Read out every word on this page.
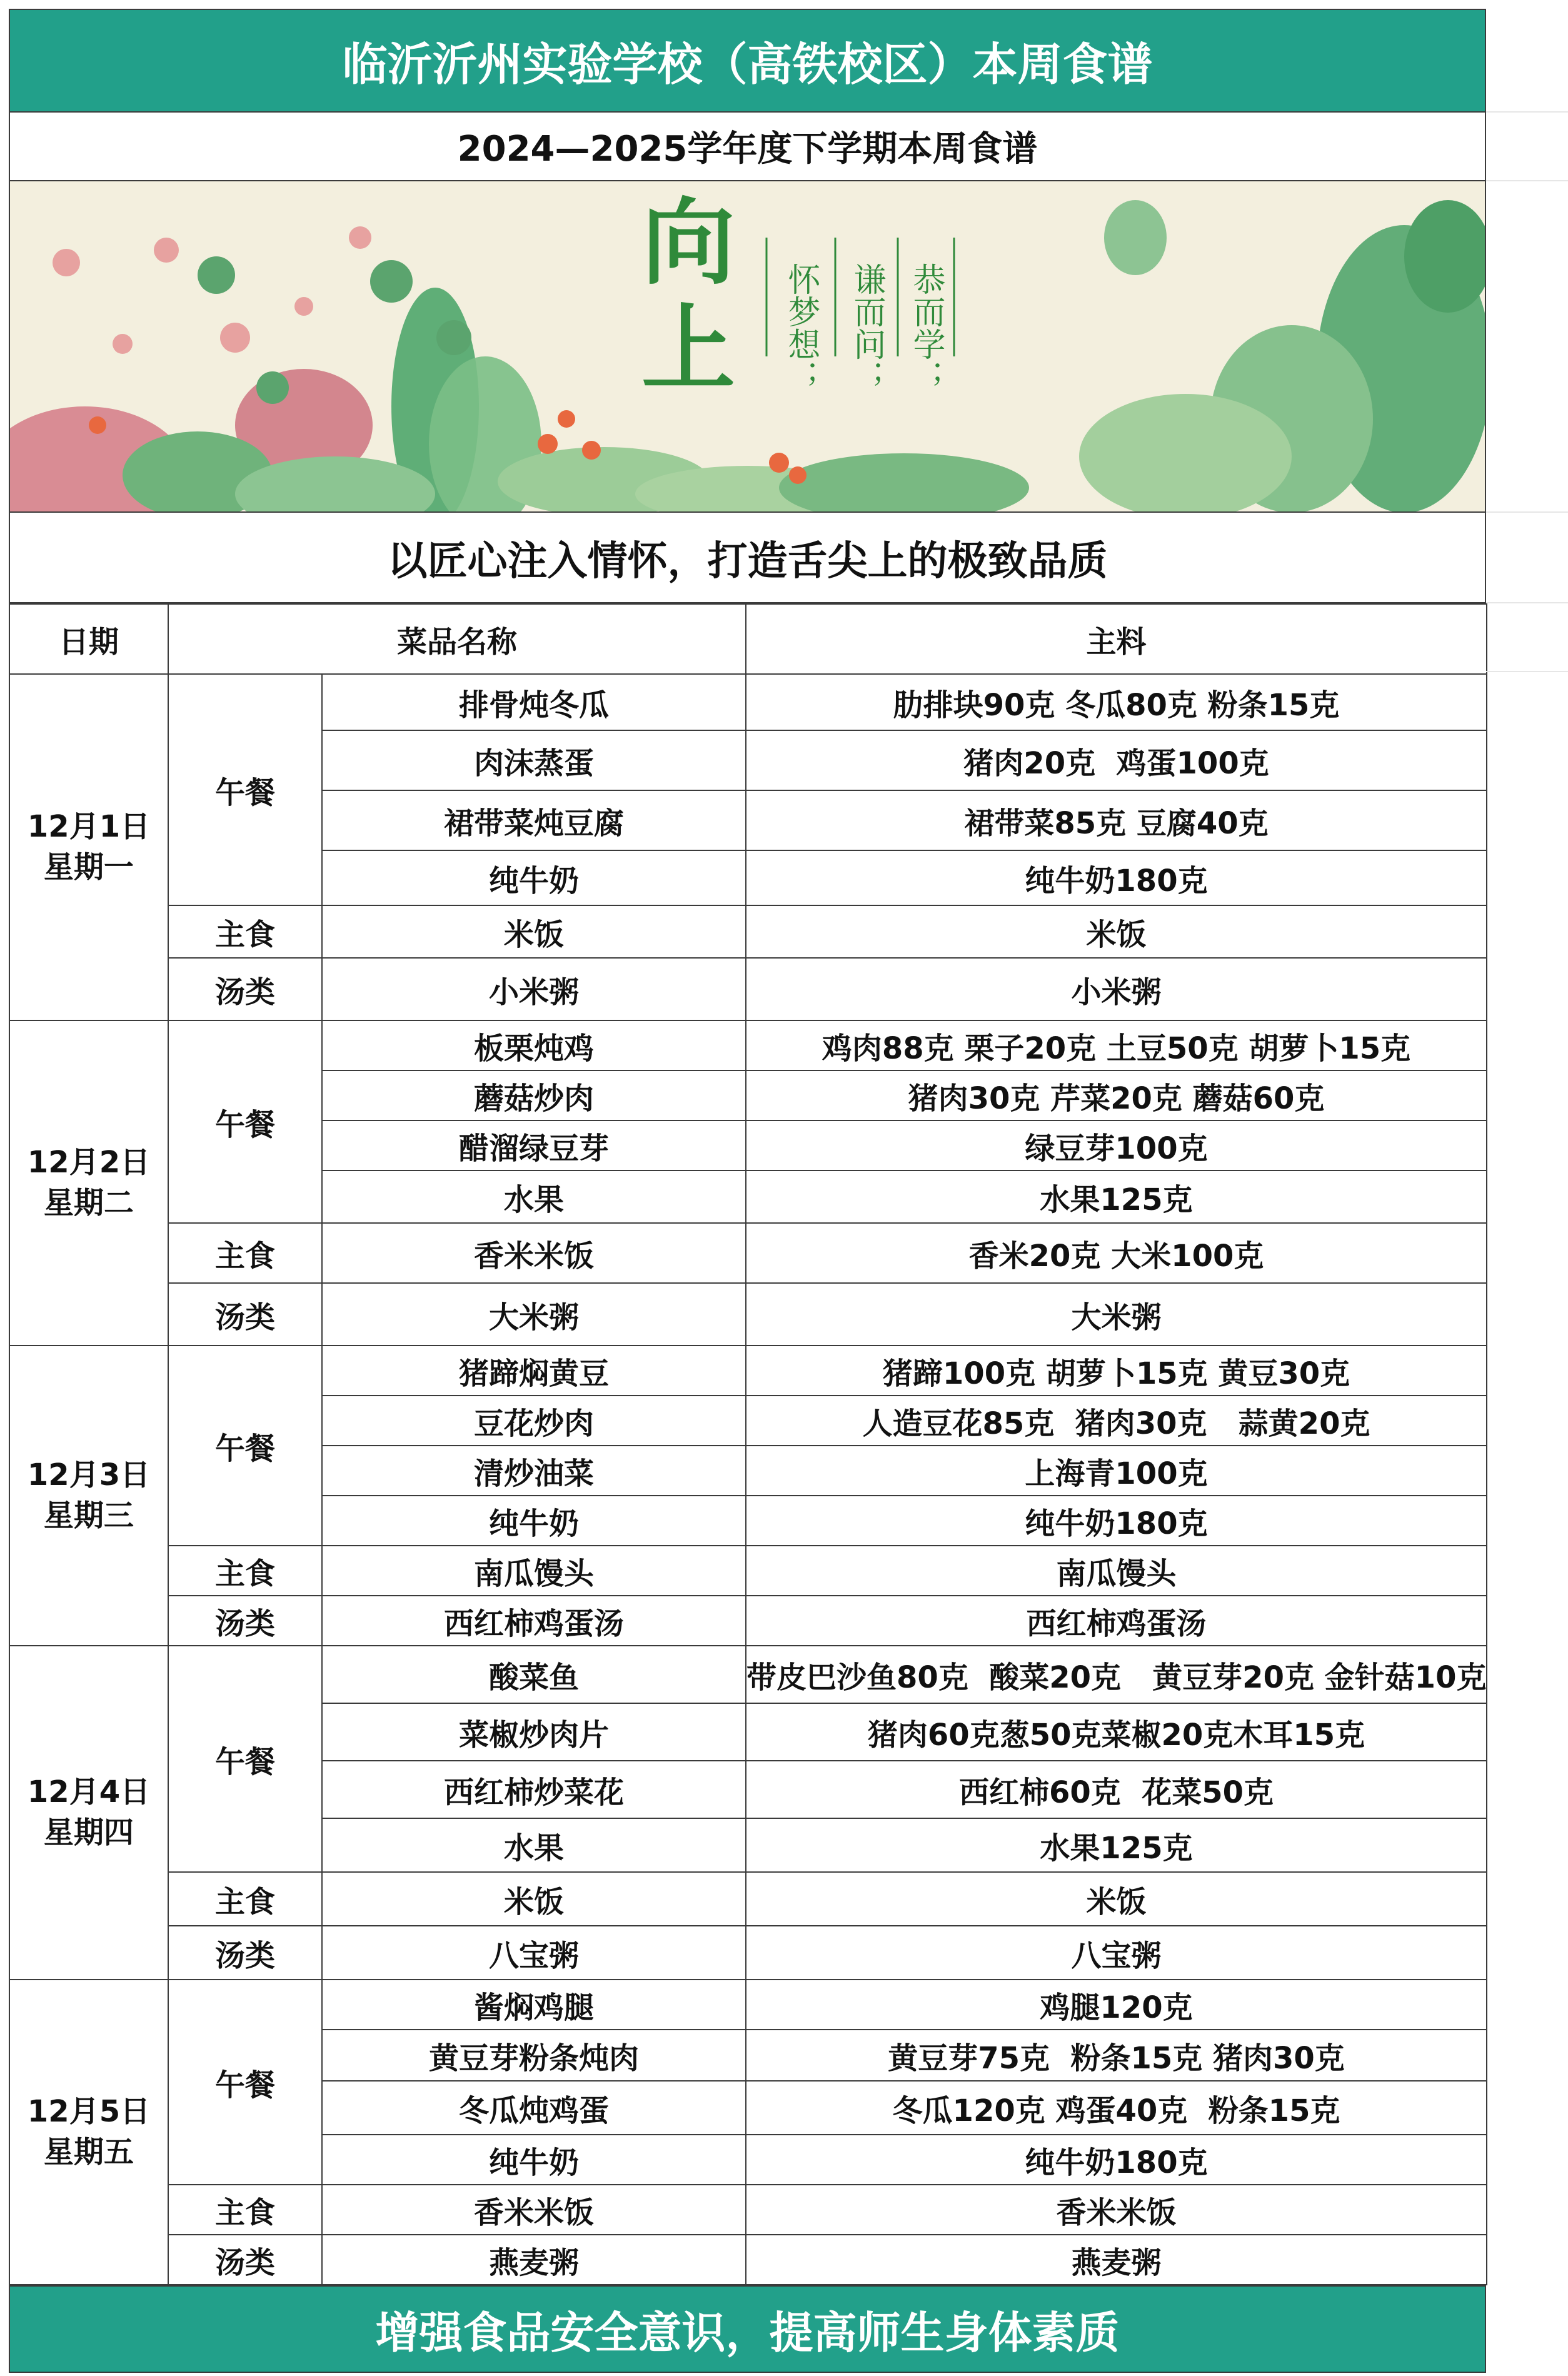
临沂沂州实验学校（高铁校区）本周食谱
2024—2025学年度下学期本周食谱
向
上	恭而学；
谦而问；
怀梦想；
以匠心注入情怀，打造舌尖上的极致品质
日期	菜品名称		主料

12月1日
星期一	午餐	排骨炖冬瓜	肋排块90克 冬瓜80克 粉条15克
		肉沫蒸蛋	猪肉20克  鸡蛋100克
		裙带菜炖豆腐	裙带菜85克 豆腐40克
		纯牛奶	纯牛奶180克
	主食	米饭	米饭
	汤类	小米粥	小米粥

12月2日
星期二	午餐	板栗炖鸡	鸡肉88克 栗子20克 土豆50克 胡萝卜15克
		蘑菇炒肉	猪肉30克 芹菜20克 蘑菇60克
		醋溜绿豆芽	绿豆芽100克
		水果	水果125克
	主食	香米米饭	香米20克 大米100克
	汤类	大米粥	大米粥

12月3日
星期三	午餐	猪蹄焖黄豆	猪蹄100克 胡萝卜15克 黄豆30克
		豆花炒肉	人造豆花85克  猪肉30克   蒜黄20克
		清炒油菜	上海青100克
		纯牛奶	纯牛奶180克
	主食	南瓜馒头	南瓜馒头
	汤类	西红柿鸡蛋汤	西红柿鸡蛋汤

12月4日
星期四	午餐	酸菜鱼	带皮巴沙鱼80克  酸菜20克   黄豆芽20克 金针菇10克
		菜椒炒肉片	猪肉60克葱50克菜椒20克木耳15克
		西红柿炒菜花	西红柿60克  花菜50克
		水果	水果125克
	主食	米饭	米饭
	汤类	八宝粥	八宝粥

12月5日
星期五	午餐	酱焖鸡腿	鸡腿120克
		黄豆芽粉条炖肉	黄豆芽75克  粉条15克 猪肉30克
		冬瓜炖鸡蛋	冬瓜120克 鸡蛋40克  粉条15克
		纯牛奶	纯牛奶180克
	主食	香米米饭	香米米饭
	汤类	燕麦粥	燕麦粥
增强食品安全意识，提高师生身体素质
